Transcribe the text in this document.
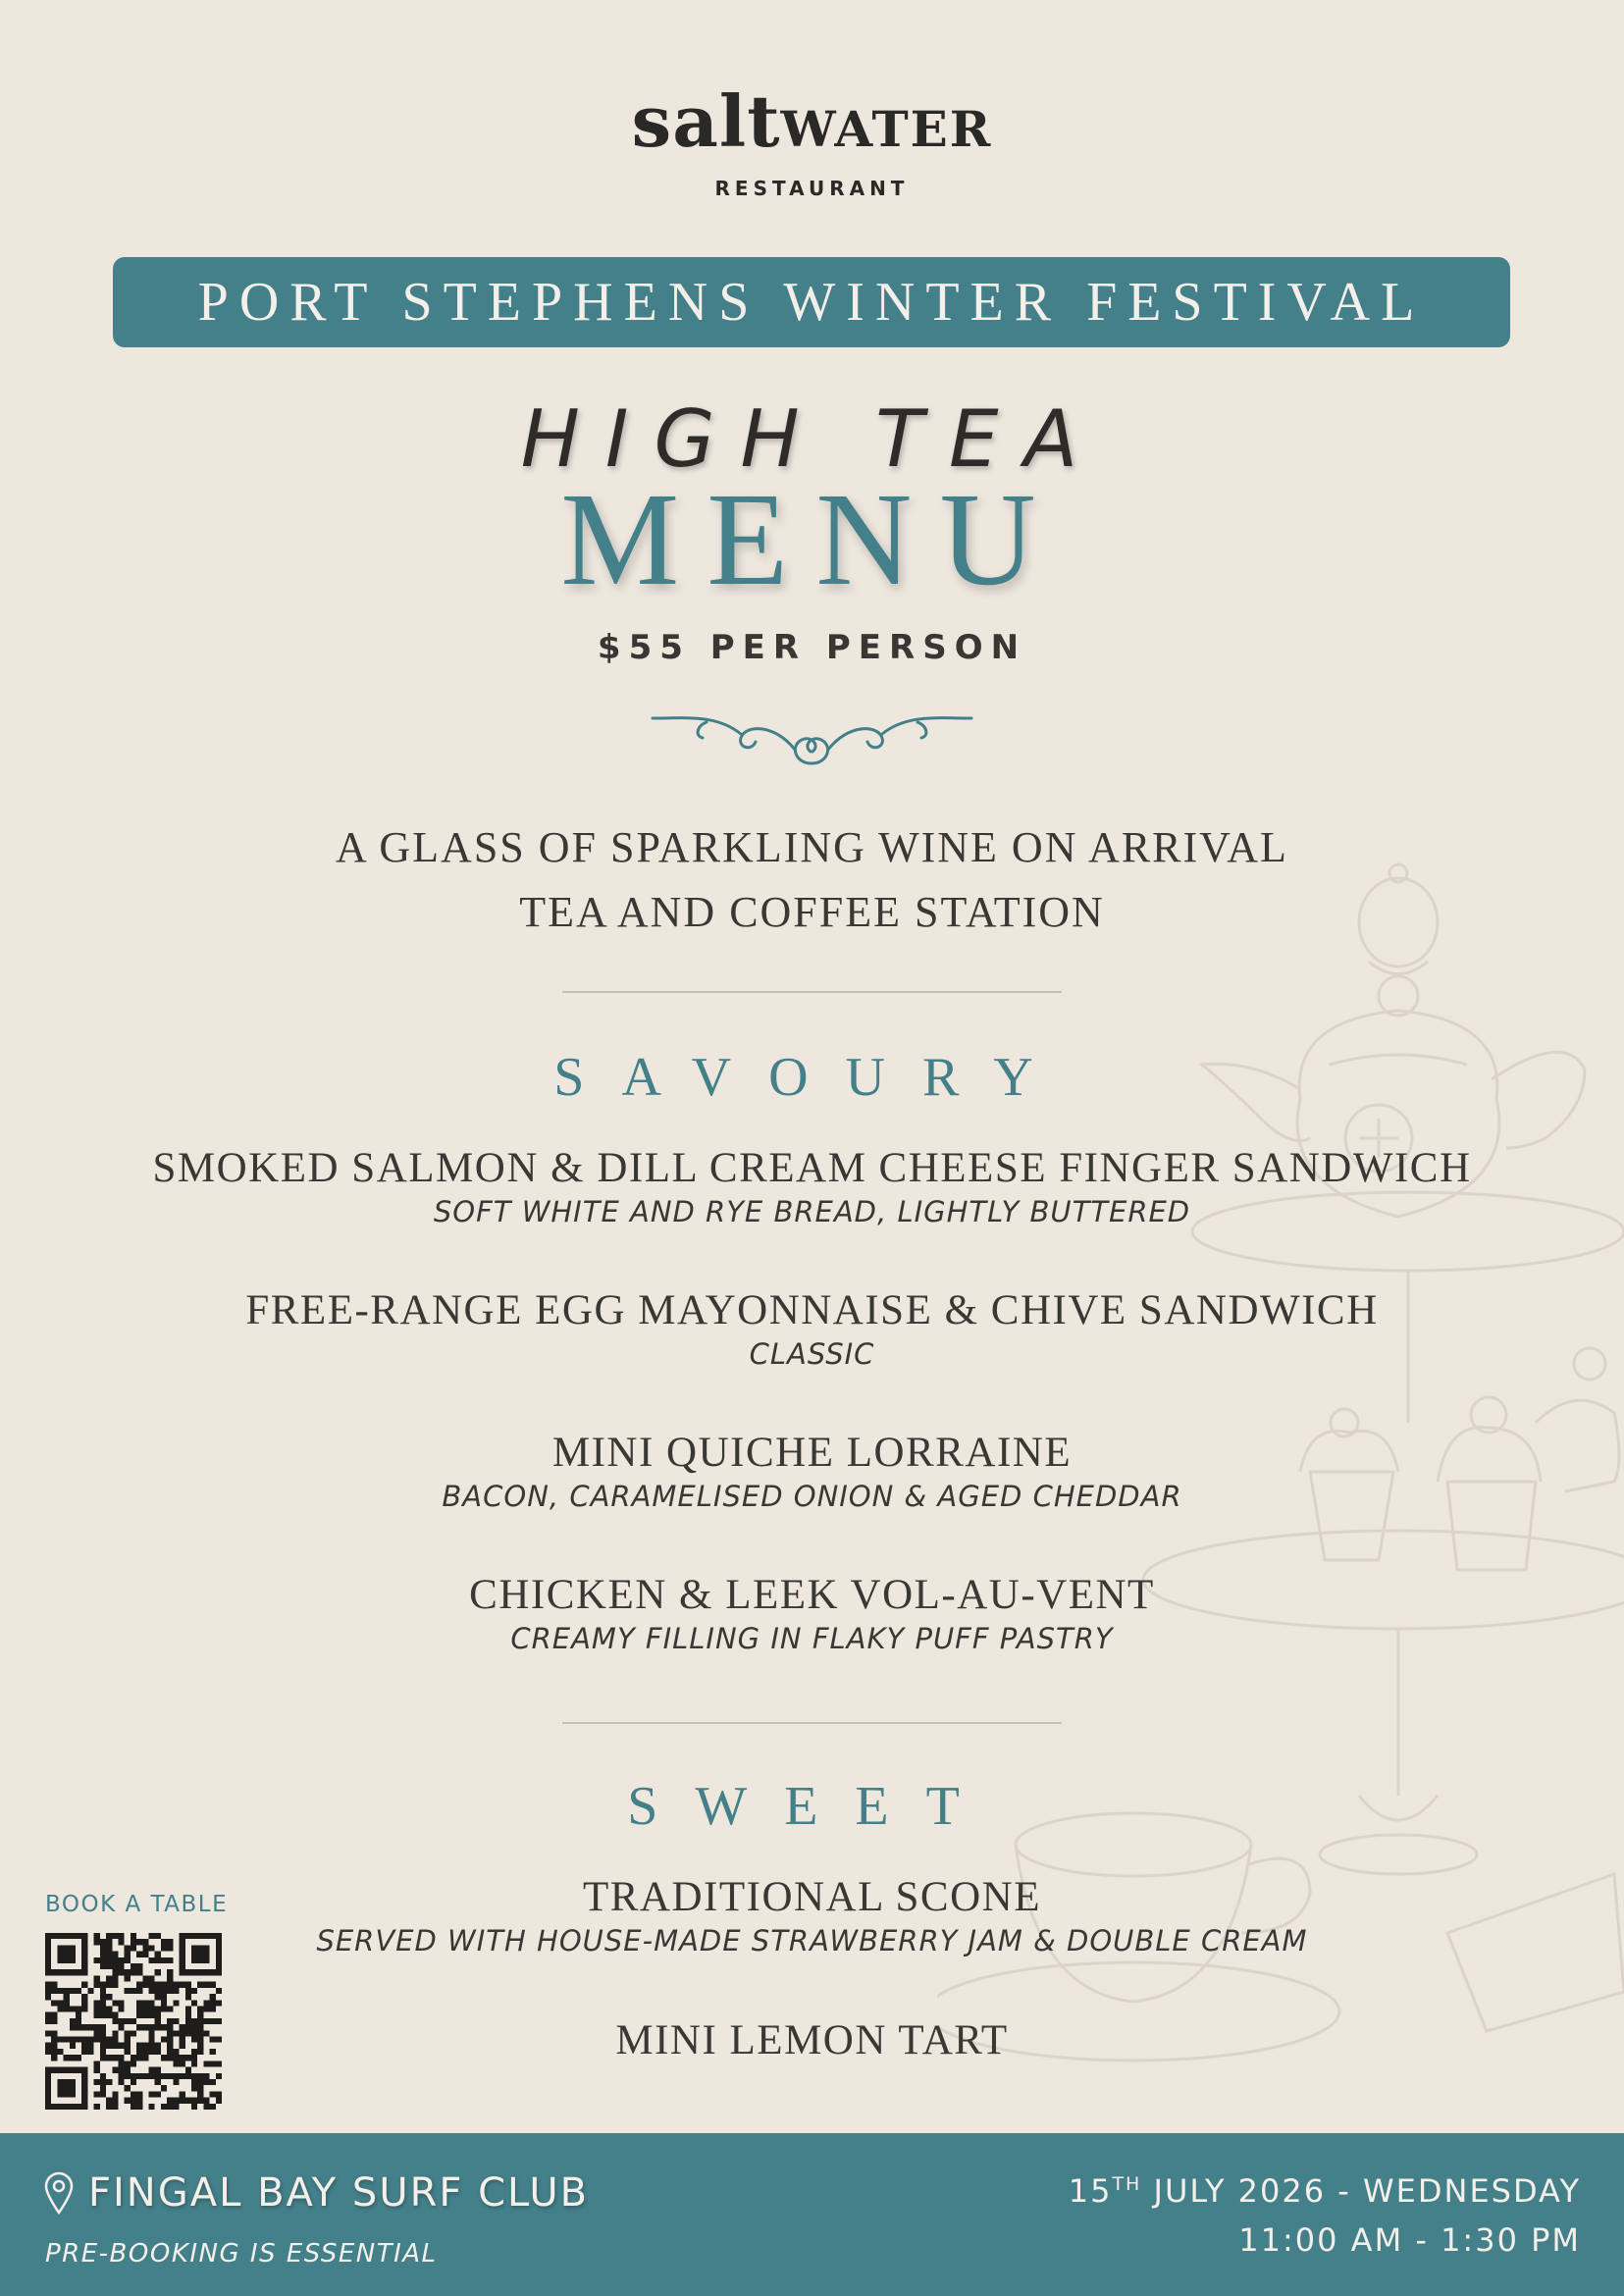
saltWATER
RESTAURANT
PORT STEPHENS WINTER FESTIVAL
HIGH TEA
MENU
$55 PER PERSON
A GLASS OF SPARKLING WINE ON ARRIVAL
TEA AND COFFEE STATION
SAVOURY
SMOKED SALMON & DILL CREAM CHEESE FINGER SANDWICH
SOFT WHITE AND RYE BREAD, LIGHTLY BUTTERED
FREE-RANGE EGG MAYONNAISE & CHIVE SANDWICH
CLASSIC
MINI QUICHE LORRAINE
BACON, CARAMELISED ONION & AGED CHEDDAR
CHICKEN & LEEK VOL-AU-VENT
CREAMY FILLING IN FLAKY PUFF PASTRY
SWEET
TRADITIONAL SCONE
SERVED WITH HOUSE-MADE STRAWBERRY JAM & DOUBLE CREAM
MINI LEMON TART
BOOK A TABLE
FINGAL BAY SURF CLUB
PRE-BOOKING IS ESSENTIAL
15TH JULY 2026 - WEDNESDAY
11:00 AM - 1:30 PM
